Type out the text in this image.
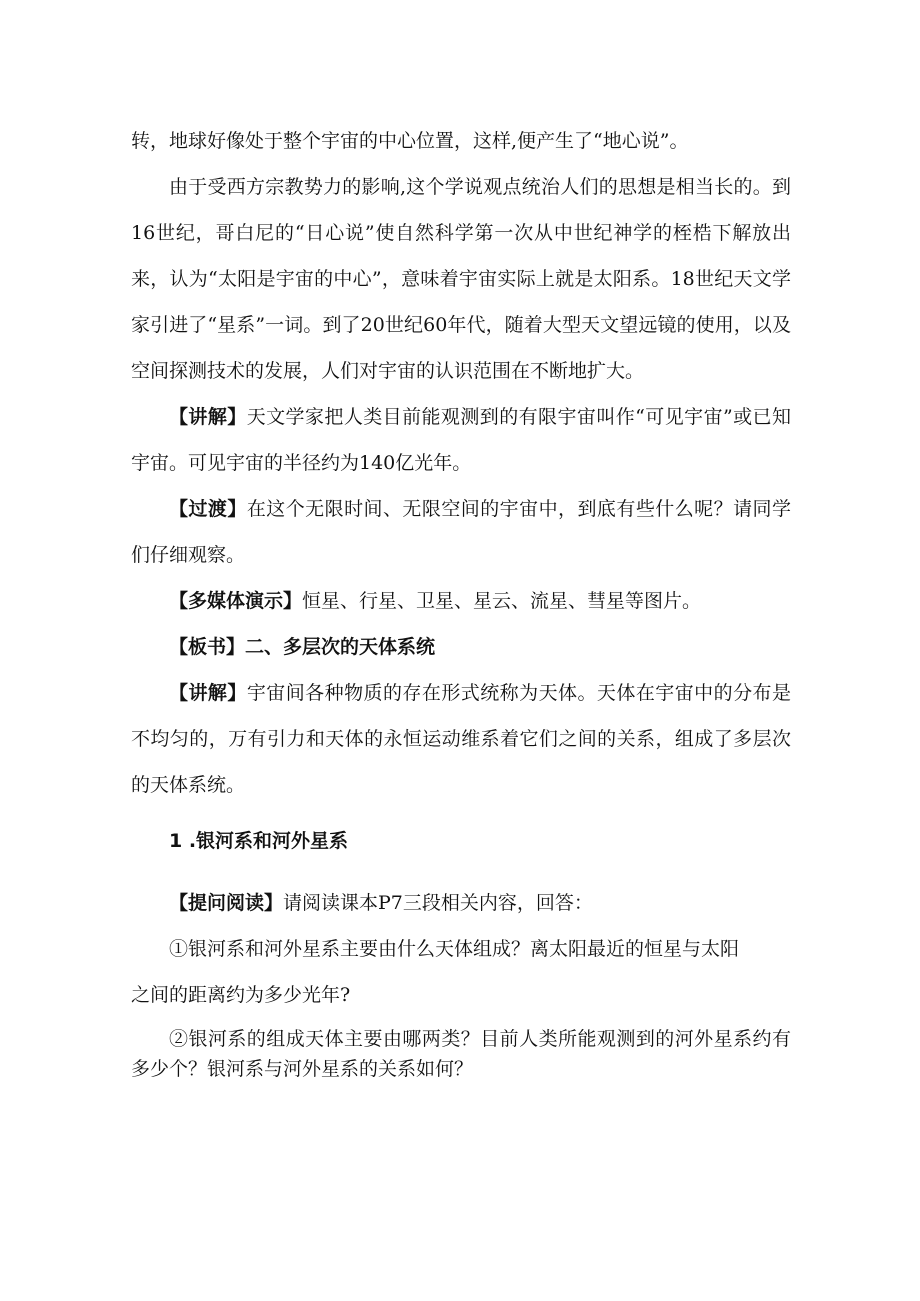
转，地球好像处于整个宇宙的中心位置，这样,便产生了“地心说”。

由于受西方宗教势力的影响,这个学说观点统治人们的思想是相当长的。到16世纪，哥白尼的“日心说”使自然科学第一次从中世纪神学的桎梏下解放出来，认为“太阳是宇宙的中心”，意味着宇宙实际上就是太阳系。18世纪天文学家引进了“星系”一词。到了20世纪60年代，随着大型天文望远镜的使用，以及空间探测技术的发展，人们对宇宙的认识范围在不断地扩大。

【讲解】天文学家把人类目前能观测到的有限宇宙叫作“可见宇宙”或已知宇宙。可见宇宙的半径约为140亿光年。

【过渡】在这个无限时间、无限空间的宇宙中，到底有些什么呢？请同学们仔细观察。

【多媒体演示】恒星、行星、卫星、星云、流星、彗星等图片。

【板书】二、多层次的天体系统

【讲解】宇宙间各种物质的存在形式统称为天体。天体在宇宙中的分布是不均匀的，万有引力和天体的永恒运动维系着它们之间的关系，组成了多层次的天体系统。

1 .银河系和河外星系

【提问阅读】请阅读课本P7三段相关内容，回答：

①银河系和河外星系主要由什么天体组成？离太阳最近的恒星与太阳

之间的距离约为多少光年?

②银河系的组成天体主要由哪两类？目前人类所能观测到的河外星系约有多少个？银河系与河外星系的关系如何？
